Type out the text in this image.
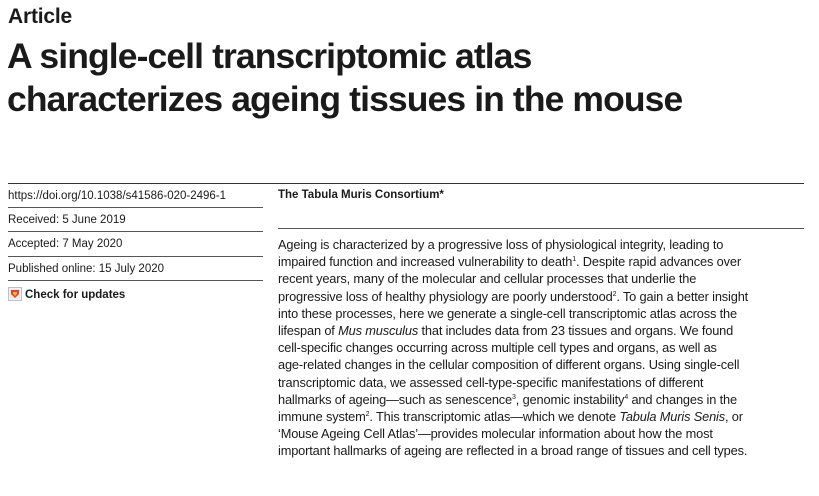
Article
A single-cell transcriptomic atlas
characterizes ageing tissues in the mouse
https://doi.org/10.1038/s41586-020-2496-1
Received: 5 June 2019
Accepted: 7 May 2020
Published online: 15 July 2020
Check for updates
The Tabula Muris Consortium*
Ageing is characterized by a progressive loss of physiological integrity, leading to
impaired function and increased vulnerability to death$^1$. Despite rapid advances over
recent years, many of the molecular and cellular processes that underlie the
progressive loss of healthy physiology are poorly understood$^2$. To gain a better insight
into these processes, here we generate a single-cell transcriptomic atlas across the
lifespan of Mus musculus that includes data from 23 tissues and organs. We found
cell-specific changes occurring across multiple cell types and organs, as well as
age-related changes in the cellular composition of different organs. Using single-cell
transcriptomic data, we assessed cell-type-specific manifestations of different
hallmarks of ageing—such as senescence$^3$, genomic instability$^4$ and changes in the
immune system$^2$. This transcriptomic atlas—which we denote Tabula Muris Senis, or
‘Mouse Ageing Cell Atlas’—provides molecular information about how the most
important hallmarks of ageing are reflected in a broad range of tissues and cell types.
